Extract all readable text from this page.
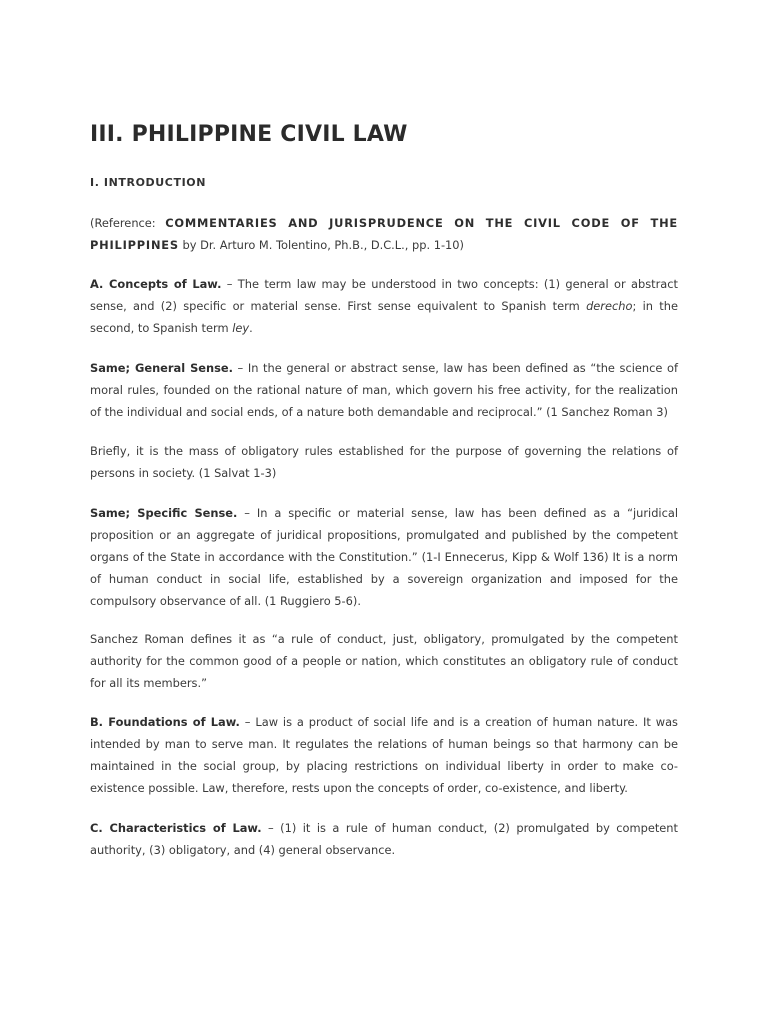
III. PHILIPPINE CIVIL LAW
I. INTRODUCTION

(Reference: COMMENTARIES AND JURISPRUDENCE ON THE CIVIL CODE OF THE PHILIPPINES by Dr. Arturo M. Tolentino, Ph.B., D.C.L., pp. 1-10)

A. Concepts of Law. – The term law may be understood in two concepts: (1) general or abstract sense, and (2) specific or material sense. First sense equivalent to Spanish term derecho; in the second, to Spanish term ley.

Same; General Sense. – In the general or abstract sense, law has been defined as “the science of moral rules, founded on the rational nature of man, which govern his free activity, for the realization of the individual and social ends, of a nature both demandable and reciprocal.” (1 Sanchez Roman 3)

Briefly, it is the mass of obligatory rules established for the purpose of governing the relations of persons in society. (1 Salvat 1-3)

Same; Specific Sense. – In a specific or material sense, law has been defined as a “juridical proposition or an aggregate of juridical propositions, promulgated and published by the competent organs of the State in accordance with the Constitution.” (1-I Ennecerus, Kipp & Wolf 136) It is a norm of human conduct in social life, established by a sovereign organization and imposed for the compulsory observance of all. (1 Ruggiero 5-6).

Sanchez Roman defines it as “a rule of conduct, just, obligatory, promulgated by the competent authority for the common good of a people or nation, which constitutes an obligatory rule of conduct for all its members.”

B. Foundations of Law. – Law is a product of social life and is a creation of human nature. It was intended by man to serve man. It regulates the relations of human beings so that harmony can be maintained in the social group, by placing restrictions on individual liberty in order to make co-existence possible. Law, therefore, rests upon the concepts of order, co-existence, and liberty.

C. Characteristics of Law. – (1) it is a rule of human conduct, (2) promulgated by competent authority, (3) obligatory, and (4) general observance.
